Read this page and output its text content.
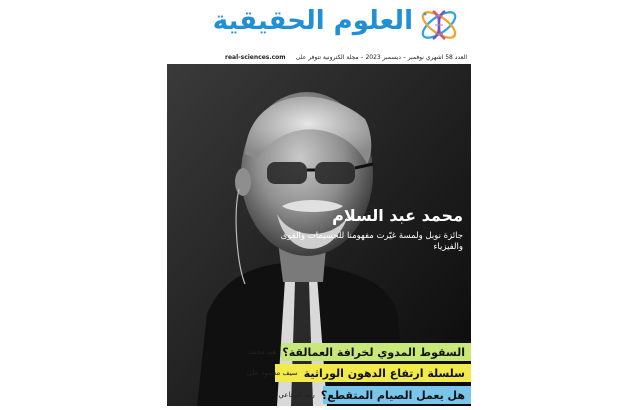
العلوم الحقيقية
العدد 58 اشهري نوفمبر – ديسمبر 2023 – مجلة الكترونية تتوفر على
real-sciences.com
محمد عبد السلام
جائزة نوبل ولمسة غيّرت مفهومنا للجسيمات والقوى والفيزياء
السقوط المدوي لخرافة العمالقة؟
هبة محمد
سلسلة ارتفاع الدهون الوراثية
سيف محمود علي
هل يعمل الصيام المتقطع؟
رغد الرفاعي
